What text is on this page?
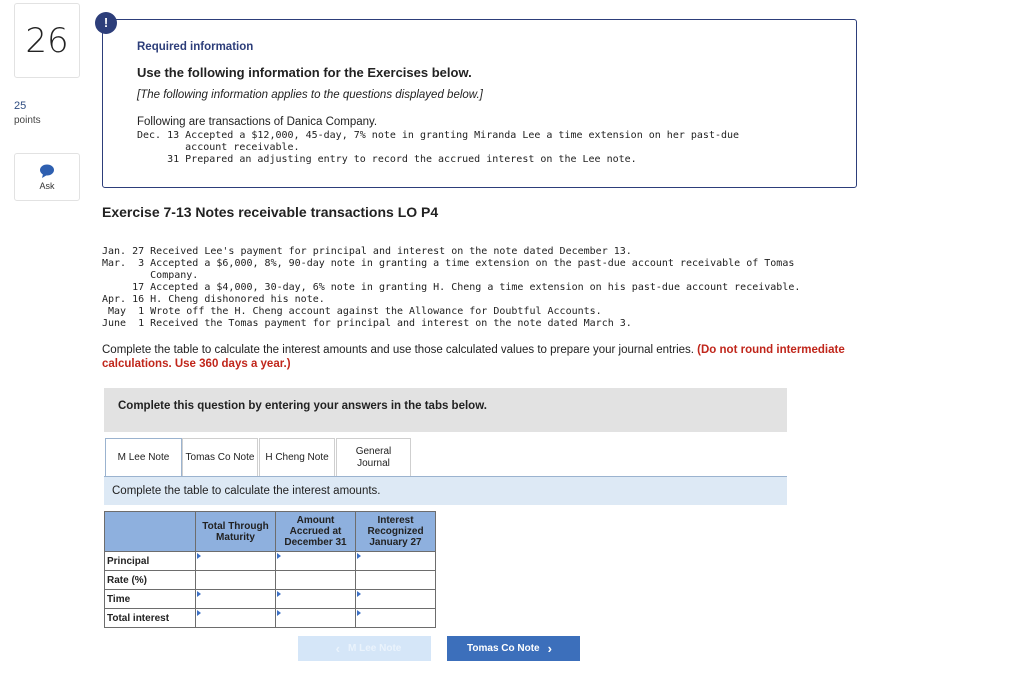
26
25
points
Ask
Required information
Use the following information for the Exercises below.
[The following information applies to the questions displayed below.]
Following are transactions of Danica Company.
Dec. 13 Accepted a $12,000, 45-day, 7% note in granting Miranda Lee a time extension on her past-due
account receivable.
31 Prepared an adjusting entry to record the accrued interest on the Lee note.
!
Exercise 7-13 Notes receivable transactions LO P4
Jan. 27 Received Lee's payment for principal and interest on the note dated December 13.
Mar.  3 Accepted a $6,000, 8%, 90-day note in granting a time extension on the past-due account receivable of Tomas
Company.
17 Accepted a $4,000, 30-day, 6% note in granting H. Cheng a time extension on his past-due account receivable.
Apr. 16 H. Cheng dishonored his note.
May  1 Wrote off the H. Cheng account against the Allowance for Doubtful Accounts.
June  1 Received the Tomas payment for principal and interest on the note dated March 3.
Complete the table to calculate the interest amounts and use those calculated values to prepare your journal entries. (Do not round intermediate calculations. Use 360 days a year.)
Complete this question by entering your answers in the tabs below.
M Lee Note	Tomas Co Note	H Cheng Note
General Journal
Complete the table to calculate the interest amounts.
	Total Through Maturity	Amount Accrued at December 31	Interest Recognized January 27
Principal	

Rate (%)			
Time	

Total interest	

‹ M Lee Note	Tomas Co Note ›
